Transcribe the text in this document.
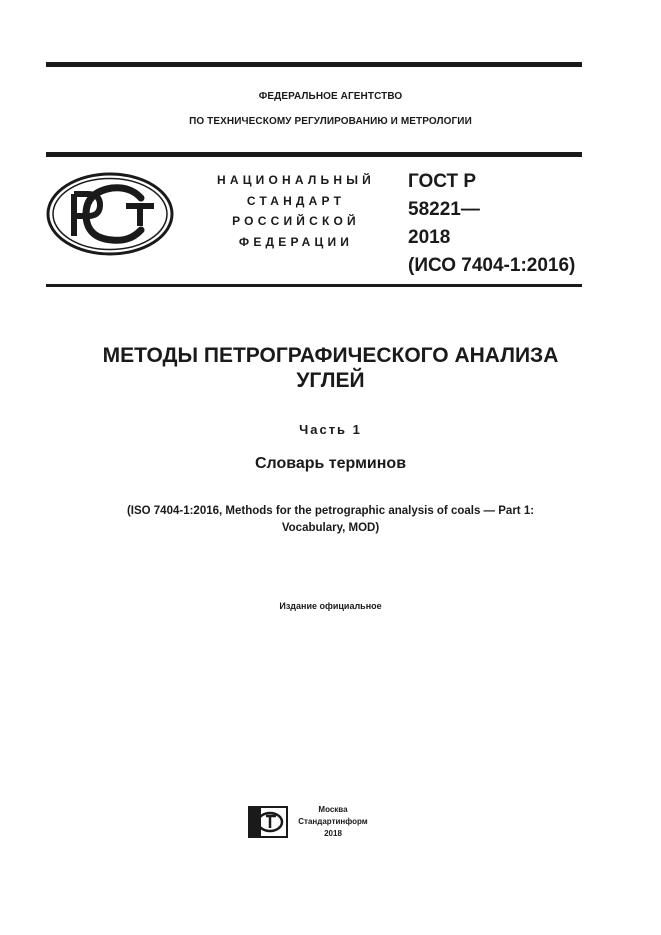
ФЕДЕРАЛЬНОЕ АГЕНТСТВО
ПО ТЕХНИЧЕСКОМУ РЕГУЛИРОВАНИЮ И МЕТРОЛОГИИ
НАЦИОНАЛЬНЫЙ
СТАНДАРТ
РОССИЙСКОЙ
ФЕДЕРАЦИИ
ГОСТ Р
58221—
2018
(ИСО 7404-1:2016)
МЕТОДЫ ПЕТРОГРАФИЧЕСКОГО АНАЛИЗА
УГЛЕЙ
Часть 1
Словарь терминов
(ISO 7404-1:2016, Methods for the petrographic analysis of coals — Part 1:
Vocabulary, MOD)
Издание официальное
Москва
Стандартинформ
2018
